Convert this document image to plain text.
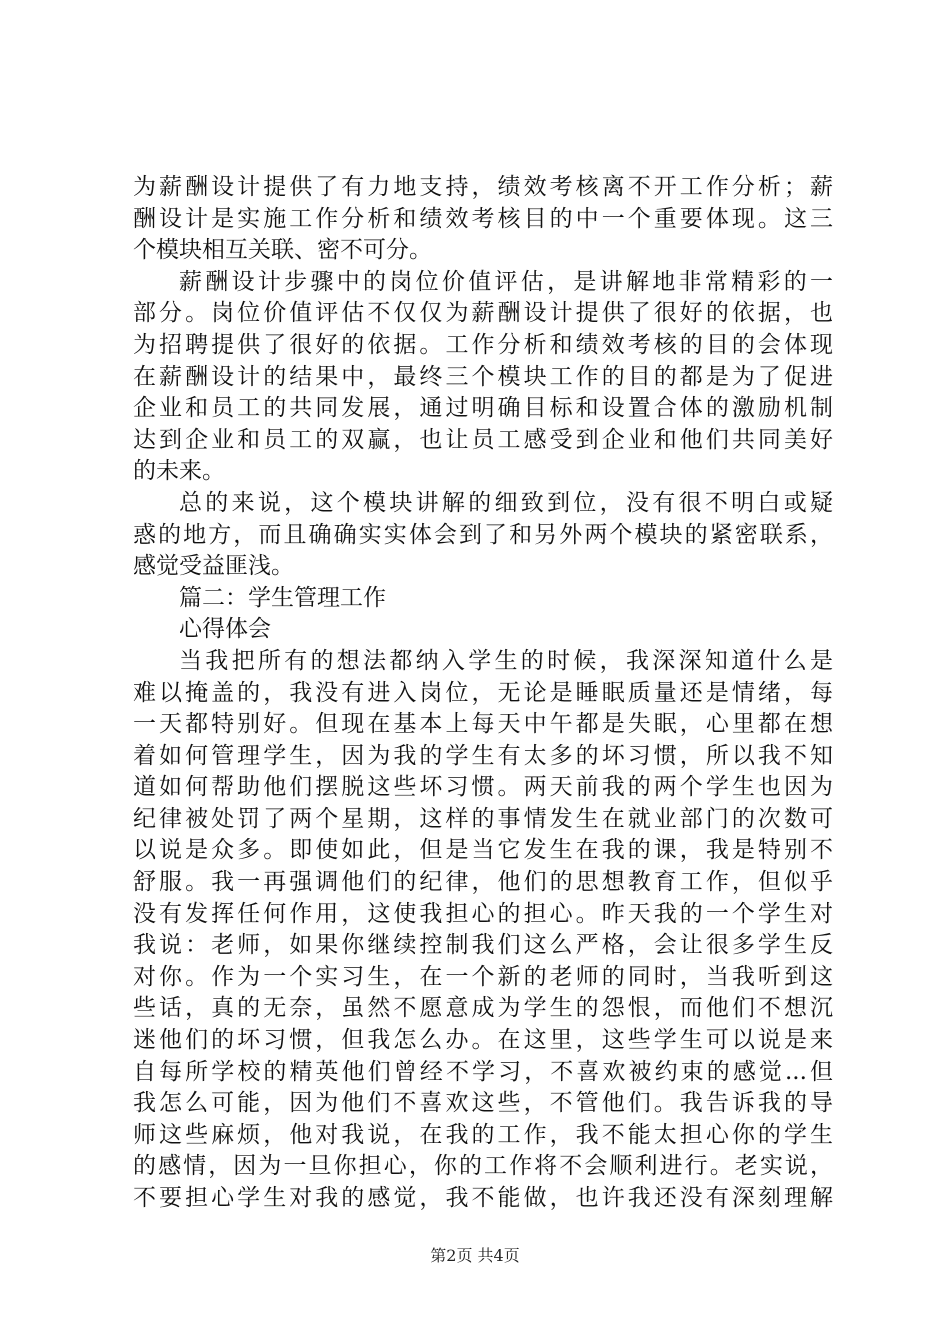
为薪酬设计提供了有力地支持，绩效考核离不开工作分析；薪
酬设计是实施工作分析和绩效考核目的中一个重要体现。这三
个模块相互关联、密不可分。
薪酬设计步骤中的岗位价值评估，是讲解地非常精彩的一
部分。岗位价值评估不仅仅为薪酬设计提供了很好的依据，也
为招聘提供了很好的依据。工作分析和绩效考核的目的会体现
在薪酬设计的结果中，最终三个模块工作的目的都是为了促进
企业和员工的共同发展，通过明确目标和设置合体的激励机制
达到企业和员工的双赢，也让员工感受到企业和他们共同美好
的未来。
总的来说，这个模块讲解的细致到位，没有很不明白或疑
惑的地方，而且确确实实体会到了和另外两个模块的紧密联系，
感觉受益匪浅。
篇二：学生管理工作
心得体会
当我把所有的想法都纳入学生的时候，我深深知道什么是
难以掩盖的，我没有进入岗位，无论是睡眠质量还是情绪，每
一天都特别好。但现在基本上每天中午都是失眠，心里都在想
着如何管理学生，因为我的学生有太多的坏习惯，所以我不知
道如何帮助他们摆脱这些坏习惯。两天前我的两个学生也因为
纪律被处罚了两个星期，这样的事情发生在就业部门的次数可
以说是众多。即使如此，但是当它发生在我的课，我是特别不
舒服。我一再强调他们的纪律，他们的思想教育工作，但似乎
没有发挥任何作用，这使我担心的担心。昨天我的一个学生对
我说：老师，如果你继续控制我们这么严格，会让很多学生反
对你。作为一个实习生，在一个新的老师的同时，当我听到这
些话，真的无奈，虽然不愿意成为学生的怨恨，而他们不想沉
迷他们的坏习惯，但我怎么办。在这里，这些学生可以说是来
自每所学校的精英他们曾经不学习，不喜欢被约束的感觉...但
我怎么可能，因为他们不喜欢这些，不管他们。我告诉我的导
师这些麻烦，他对我说，在我的工作，我不能太担心你的学生
的感情，因为一旦你担心，你的工作将不会顺利进行。老实说，
不要担心学生对我的感觉，我不能做，也许我还没有深刻理解
第2页 共4页
